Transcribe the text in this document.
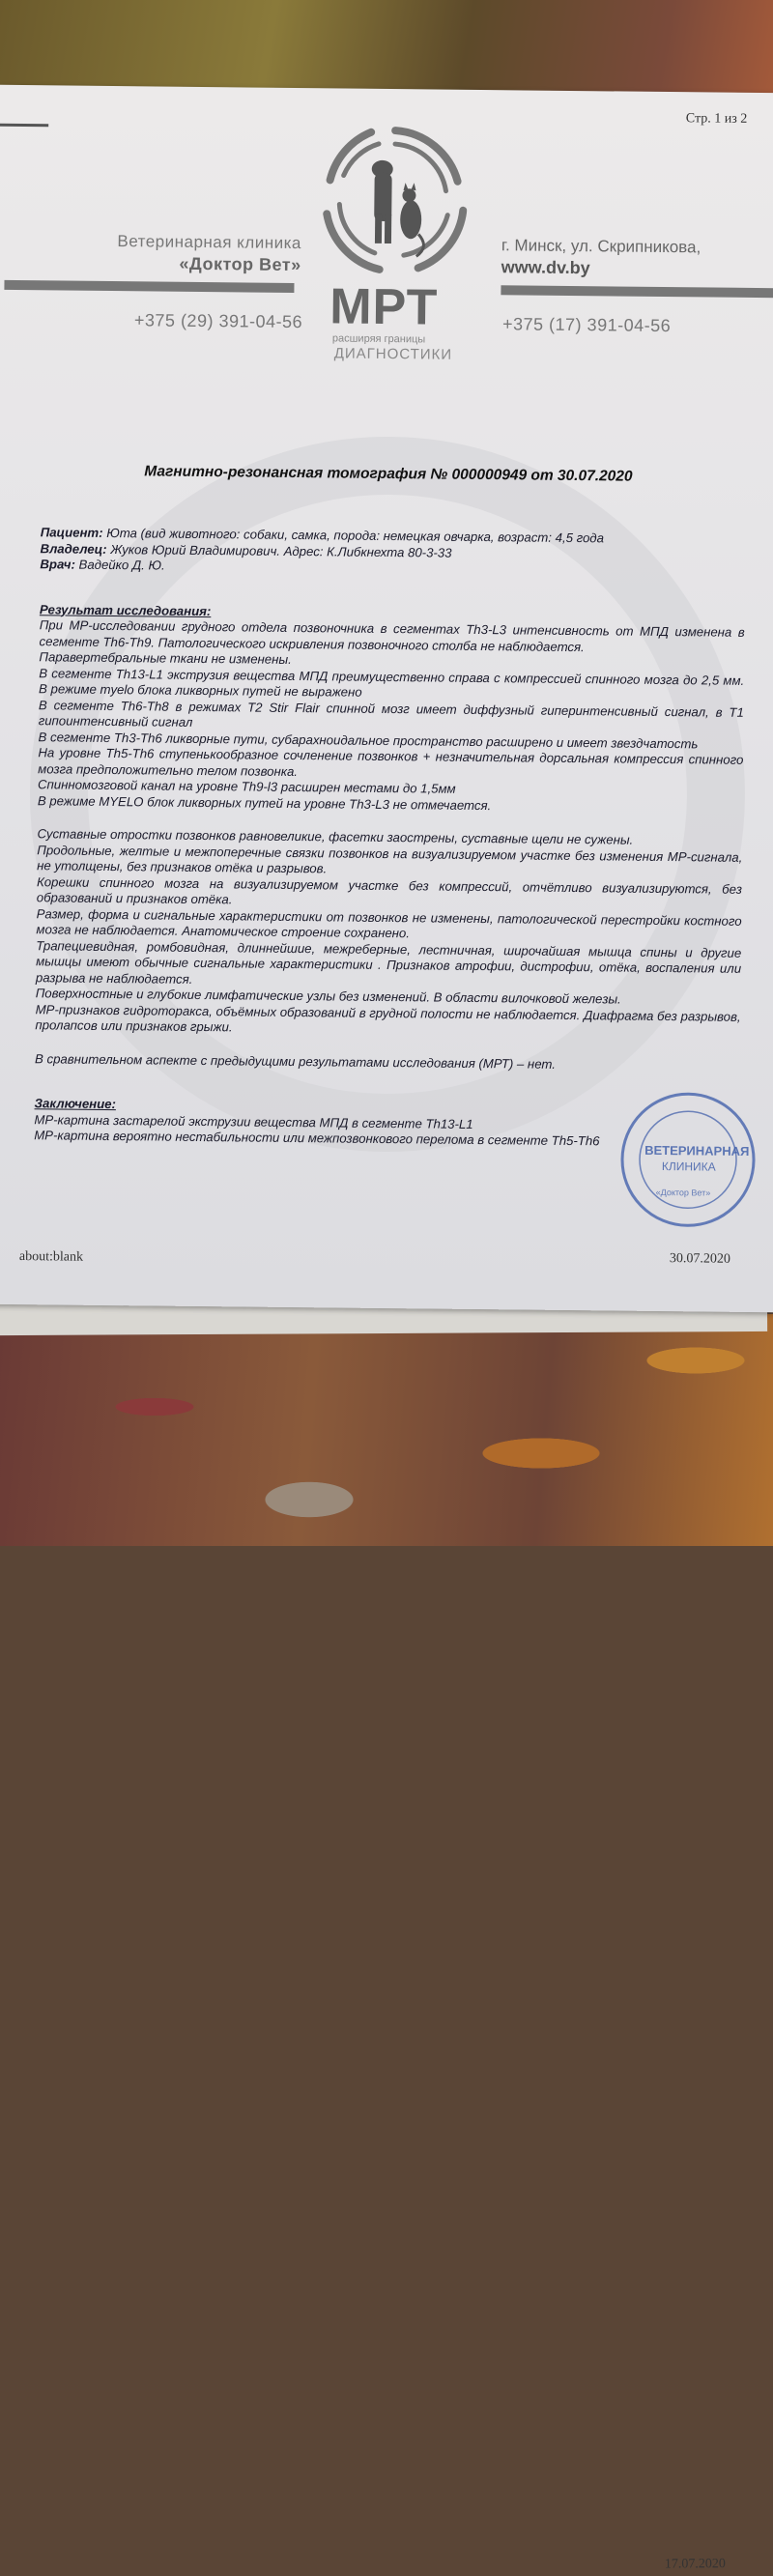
17.07.2020
Стр. 1 из 2
Ветеринарная клиника
«Доктор Вет»
г. Минск, ул. Скрипникова,
www.dv.by
МРТ
расширяя границы
ДИАГНОСТИКИ
+375 (29) 391-04-56	+375 (17) 391-04-56
Магнитно-резонансная томография № 000000949 от 30.07.2020

Пациент: Юта (вид животного: собаки, самка, порода: немецкая овчарка, возраст: 4,5 года

Владелец: Жуков Юрий Владимирович. Адрес: К.Либкнехта 80-3-33

Врач: Вадейко Д. Ю.

Результат исследования:

При МР-исследовании грудного отдела позвоночника в сегментах Th3-L3 интенсивность от МПД изменена в сегменте Th6-Th9. Патологического искривления позвоночного столба не наблюдается.

Паравертебральные ткани не изменены.

В сегменте Th13-L1 экструзия вещества МПД преимущественно справа с компрессией спинного мозга до 2,5 мм. В режиме myelo блока ликворных путей не выражено

В сегменте Th6-Th8 в режимах T2 Stir Flair спинной мозг имеет диффузный гиперинтенсивный сигнал, в T1 гипоинтенсивный сигнал

В сегменте Th3-Th6 ликворные пути, субарахноидальное пространство расширено и имеет звездчатость

На уровне Th5-Th6 ступенькообразное сочленение позвонков + незначительная дорсальная компрессия спинного мозга предположительно телом позвонка.

Спинномозговой канал на уровне Th9-l3 расширен местами до 1,5мм

В режиме MYELO блок ликворных путей на уровне Th3-L3 не отмечается.

Суставные отростки позвонков равновеликие, фасетки заострены, суставные щели не сужены.

Продольные, желтые и межпоперечные связки позвонков на визуализируемом участке без изменения МР-сигнала, не утолщены, без признаков отёка и разрывов.

Корешки спинного мозга на визуализируемом участке без компрессий, отчётливо визуализируются, без образований и признаков отёка.

Размер, форма и сигнальные характеристики от позвонков не изменены, патологической перестройки костного мозга не наблюдается. Анатомическое строение сохранено.

Трапециевидная, ромбовидная, длиннейшие, межреберные, лестничная, широчайшая мышца спины и другие мышцы имеют обычные сигнальные характеристики . Признаков атрофии, дистрофии, отёка, воспаления или разрыва не наблюдается.

Поверхностные и глубокие лимфатические узлы без изменений. В области вилочковой железы.

МР-признаков гидроторакса, объёмных образований в грудной полости не наблюдается. Диафрагма без разрывов, пролапсов или признаков грыжи.

В сравнительном аспекте с предыдущими результатами исследования (МРТ) – нет.

Заключение:

МР-картина застарелой экструзии вещества МПД в сегменте Th13-L1

МР-картина вероятно нестабильности или межпозвонкового перелома в сегменте Th5-Th6

ВЕТЕРИНАРНАЯ
КЛИНИКА
«Доктор Вет»
about:blank	30.07.2020
